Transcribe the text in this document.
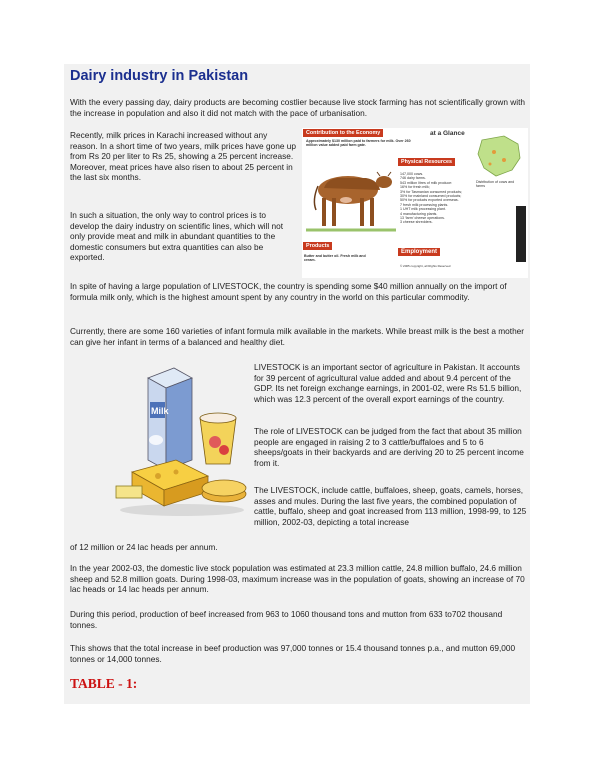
Dairy industry in Pakistan

With the every passing day, dairy products are becoming costlier because live stock farming has not scientifically grown with the increase in population and also it did not match with the pace of urbanisation.

Recently, milk prices in Karachi increased without any reason. In a short time of two years, milk prices have gone up from Rs 20 per liter to Rs 25, showing a 25 percent increase. Moreover, meat prices have also risen to about 25 percent in the last six months.

In such a situation, the only way to control prices is to develop the dairy industry on scientific lines, which will not only provide meat and milk in abundant quantities to the domestic consumers but extra quantities can also be exported.

Contribution to the Economy
Approximately $130 million paid to farmers for milk. Over 260 million value added paid farm gate.
at a Glance
Physical Resources
147,000 cows.
746 dairy farms.
543 million litres of milk produce:
16% for fresh milk;
3% for Tasmanian consumed products;
30% for mainland consumed products;
50% for products exported overseas.
7 fresh milk processing plants.
1 UHT milk processing plant.
4 manufacturing plants.
13 'farm' cheese operations.
3 cheese shredders.
Distribution of cows and farms
Products
Butter and butter oil. Fresh milk and cream.
Employment
© 2005 copyright, all Rights Reserved

In spite of having a large population of LIVESTOCK, the country is spending some $40 million annually on the import of formula milk only, which is the highest amount spent by any country in the world on this particular commodity.

Currently, there are some 160 varieties of infant formula milk available in the markets. While breast milk is the best a mother can give her infant in terms of a balanced and healthy diet.

Milk

LIVESTOCK is an important sector of agriculture in Pakistan. It accounts for 39 percent of agricultural value added and about 9.4 percent of the GDP. Its net foreign exchange earnings, in 2001-02, were Rs 51.5 billion, which was 12.3 percent of the overall export earnings of the country.

The role of LIVESTOCK can be judged from the fact that about 35 million people are engaged in raising 2 to 3 cattle/buffaloes and 5 to 6 sheeps/goats in their backyards and are deriving 20 to 25 percent income from it.

The LIVESTOCK, include cattle, buffaloes, sheep, goats, camels, horses, asses and mules. During the last five years, the combined population of cattle, buffalo, sheep and goat increased from 113 million, 1998-99, to 125 million, 2002-03, depicting a total increase

of 12 million or 24 lac heads per annum.

In the year 2002-03, the domestic live stock population was estimated at 23.3 million cattle, 24.8 million buffalo, 24.6 million sheep and 52.8 million goats. During 1998-03, maximum increase was in the population of goats, showing an increase of 70 lac heads or 14 lac heads per annum.

During this period, production of beef increased from 963 to 1060 thousand tons and mutton from 633 to702 thousand tonnes.

This shows that the total increase in beef production was 97,000 tonnes or 15.4 thousand tonnes p.a., and mutton 69,000 tonnes or 14,000 tonnes.

TABLE - 1:
